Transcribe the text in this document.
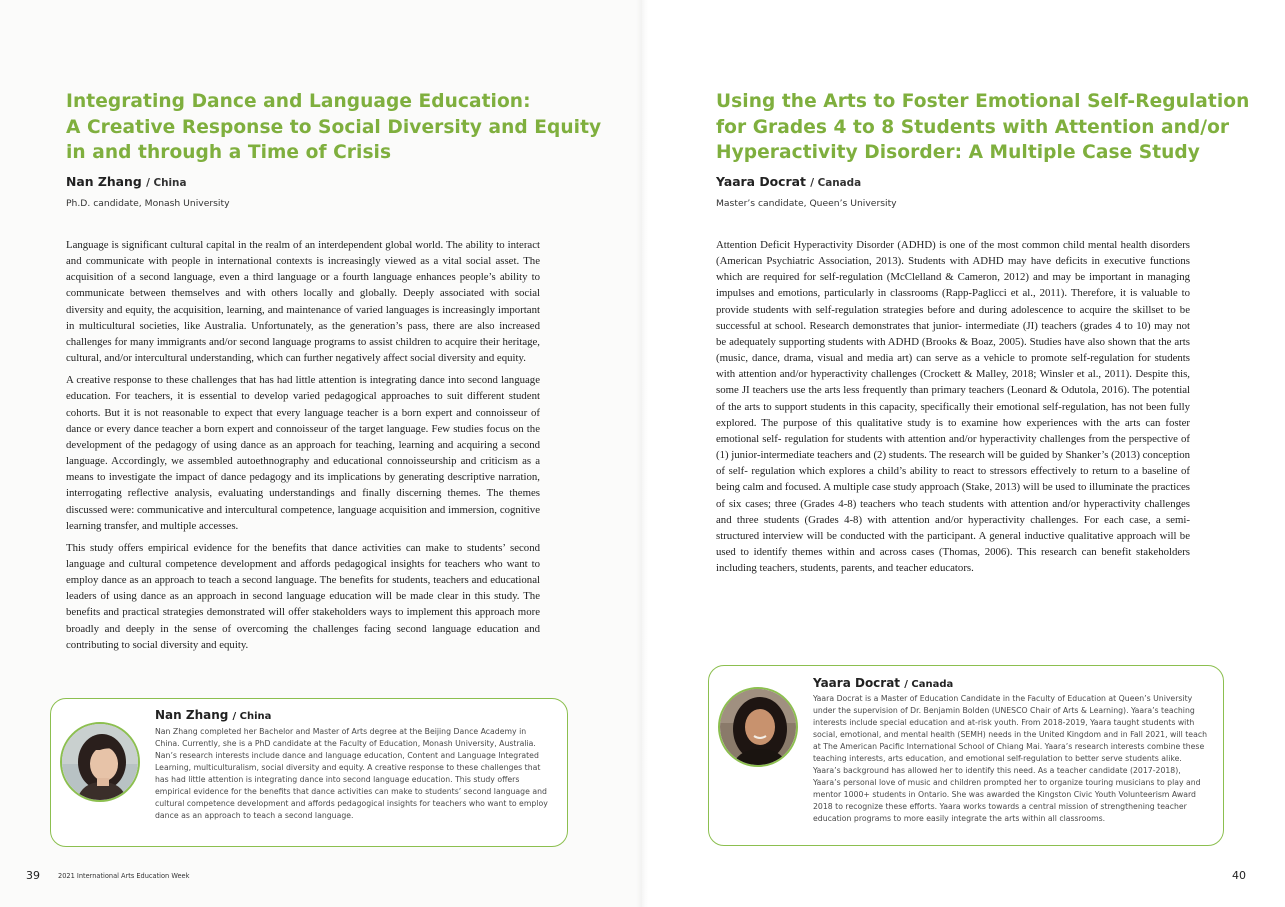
Integrating Dance and Language Education:
A Creative Response to Social Diversity and Equity
in and through a Time of Crisis
Nan Zhang / China
Ph.D. candidate, Monash University

Language is significant cultural capital in the realm of an interdependent global world. The ability to interact and communicate with people in international contexts is increasingly viewed as a vital social asset. The acquisition of a second language, even a third language or a fourth language enhances people’s ability to communicate between themselves and with others locally and globally. Deeply associated with social diversity and equity, the acquisition, learning, and maintenance of varied languages is increasingly important in multicultural societies, like Australia. Unfortunately, as the generation’s pass, there are also increased challenges for many immigrants and/or second language programs to assist children to acquire their heritage, cultural, and/or intercultural understanding, which can further negatively affect social diversity and equity.

A creative response to these challenges that has had little attention is integrating dance into second language education. For teachers, it is essential to develop varied pedagogical approaches to suit different student cohorts. But it is not reasonable to expect that every language teacher is a born expert and connoisseur of dance or every dance teacher a born expert and connoisseur of the target language. Few studies focus on the development of the pedagogy of using dance as an approach for teaching, learning and acquiring a second language. Accordingly, we assembled autoethnography and educational connoisseurship and criticism as a means to investigate the impact of dance pedagogy and its implications by generating descriptive narration, interrogating reflective analysis, evaluating understandings and finally discerning themes. The themes discussed were: communicative and intercultural competence, language acquisition and immersion, cognitive learning transfer, and multiple accesses.

This study offers empirical evidence for the benefits that dance activities can make to students’ second language and cultural competence development and affords pedagogical insights for teachers who want to employ dance as an approach to teach a second language. The benefits for students, teachers and educational leaders of using dance as an approach in second language education will be made clear in this study. The benefits and practical strategies demonstrated will offer stakeholders ways to implement this approach more broadly and deeply in the sense of overcoming the challenges facing second language education and contributing to social diversity and equity.

Nan Zhang / China
Nan Zhang completed her Bachelor and Master of Arts degree at the Beijing Dance Academy in China. Currently, she is a PhD candidate at the Faculty of Education, Monash University, Australia. Nan’s research interests include dance and language education, Content and Language Integrated Learning, multiculturalism, social diversity and equity. A creative response to these challenges that has had little attention is integrating dance into second language education. This study offers empirical evidence for the benefits that dance activities can make to students’ second language and cultural competence development and affords pedagogical insights for teachers who want to employ dance as an approach to teach a second language.
39	2021 International Arts Education Week
Using the Arts to Foster Emotional Self-Regulation
for Grades 4 to 8 Students with Attention and/or
Hyperactivity Disorder: A Multiple Case Study
Yaara Docrat / Canada
Master’s candidate, Queen’s University

Attention Deficit Hyperactivity Disorder (ADHD) is one of the most common child mental health disorders (American Psychiatric Association, 2013). Students with ADHD may have deficits in executive functions which are required for self-regulation (McClelland & Cameron, 2012) and may be important in managing impulses and emotions, particularly in classrooms (Rapp-Paglicci et al., 2011). Therefore, it is valuable to provide students with self-regulation strategies before and during adolescence to acquire the skillset to be successful at school. Research demonstrates that junior- intermediate (JI) teachers (grades 4 to 10) may not be adequately supporting students with ADHD (Brooks & Boaz, 2005). Studies have also shown that the arts (music, dance, drama, visual and media art) can serve as a vehicle to promote self-regulation for students with attention and/or hyperactivity challenges (Crockett & Malley, 2018; Winsler et al., 2011). Despite this, some JI teachers use the arts less frequently than primary teachers (Leonard & Odutola, 2016). The potential of the arts to support students in this capacity, specifically their emotional self-regulation, has not been fully explored. The purpose of this qualitative study is to examine how experiences with the arts can foster emotional self- regulation for students with attention and/or hyperactivity challenges from the perspective of (1) junior-intermediate teachers and (2) students. The research will be guided by Shanker’s (2013) conception of self- regulation which explores a child’s ability to react to stressors effectively to return to a baseline of being calm and focused. A multiple case study approach (Stake, 2013) will be used to illuminate the practices of six cases; three (Grades 4-8) teachers who teach students with attention and/or hyperactivity challenges and three students (Grades 4-8) with attention and/or hyperactivity challenges. For each case, a semi-structured interview will be conducted with the participant. A general inductive qualitative approach will be used to identify themes within and across cases (Thomas, 2006). This research can benefit stakeholders including teachers, students, parents, and teacher educators.

Yaara Docrat / Canada
Yaara Docrat is a Master of Education Candidate in the Faculty of Education at Queen’s University under the supervision of Dr. Benjamin Bolden (UNESCO Chair of Arts & Learning). Yaara’s teaching interests include special education and at-risk youth. From 2018-2019, Yaara taught students with social, emotional, and mental health (SEMH) needs in the United Kingdom and in Fall 2021, will teach at The American Pacific International School of Chiang Mai. Yaara’s research interests combine these teaching interests, arts education, and emotional self-regulation to better serve students alike. Yaara’s background has allowed her to identify this need. As a teacher candidate (2017-2018), Yaara’s personal love of music and children prompted her to organize touring musicians to play and mentor 1000+ students in Ontario. She was awarded the Kingston Civic Youth Volunteerism Award 2018 to recognize these efforts. Yaara works towards a central mission of strengthening teacher education programs to more easily integrate the arts within all classrooms.
40
